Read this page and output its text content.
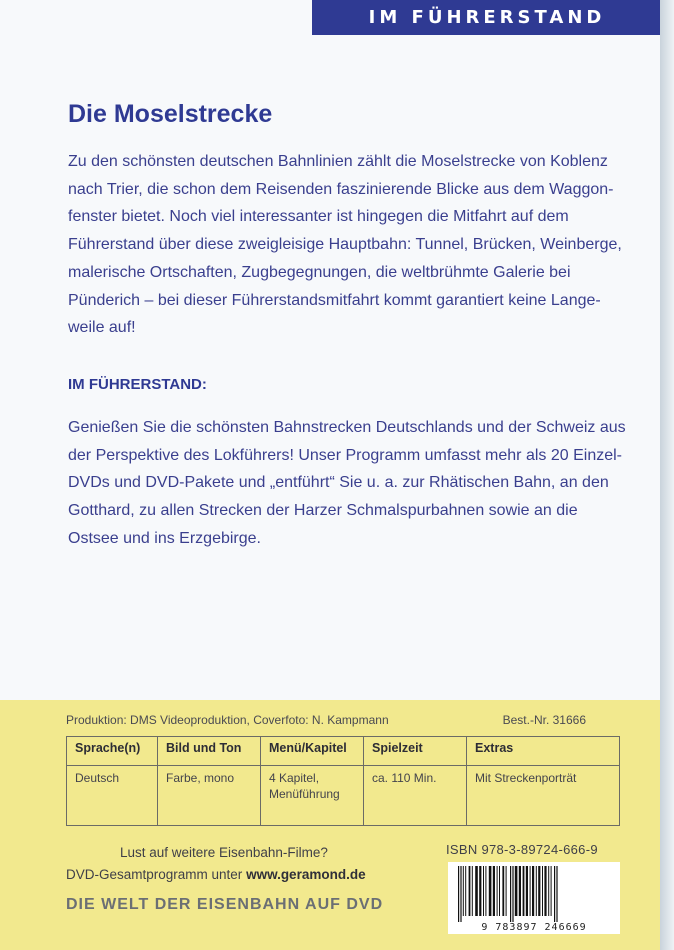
IM FÜHRERSTAND
Die Moselstrecke

Zu den schönsten deutschen Bahnlinien zählt die Moselstrecke von Koblenz nach Trier, die schon dem Reisenden faszinierende Blicke aus dem Waggonfenster bietet. Noch viel interessanter ist hingegen die Mitfahrt auf dem Führerstand über diese zweigleisige Hauptbahn: Tunnel, Brücken, Weinberge, malerische Ortschaften, Zugbegegnungen, die weltbrühmte Galerie bei Pünderich – bei dieser Führerstandsmitfahrt kommt garantiert keine Langeweile auf!

IM FÜHRERSTAND:

Genießen Sie die schönsten Bahnstrecken Deutschlands und der Schweiz aus der Perspektive des Lokführers! Unser Programm umfasst mehr als 20 Einzel-DVDs und DVD-Pakete und „entführt“ Sie u. a. zur Rhätischen Bahn, an den Gotthard, zu allen Strecken der Harzer Schmalspurbahnen sowie an die Ostsee und ins Erzgebirge.

Produktion: DMS Videoproduktion, Coverfoto: N. Kampmann	Best.-Nr. 31666
Sprache(n)	Bild und Ton	Menü/Kapitel	Spielzeit	Extras
Deutsch	Farbe, mono	4 Kapitel, Menüführung	ca. 110 Min.	Mit Streckenporträt
Lust auf weitere Eisenbahn-Filme?
DVD-Gesamtprogramm unter www.geramond.de
DIE WELT DER EISENBAHN AUF DVD
ISBN 978-3-89724-666-9
9 783897 246669
